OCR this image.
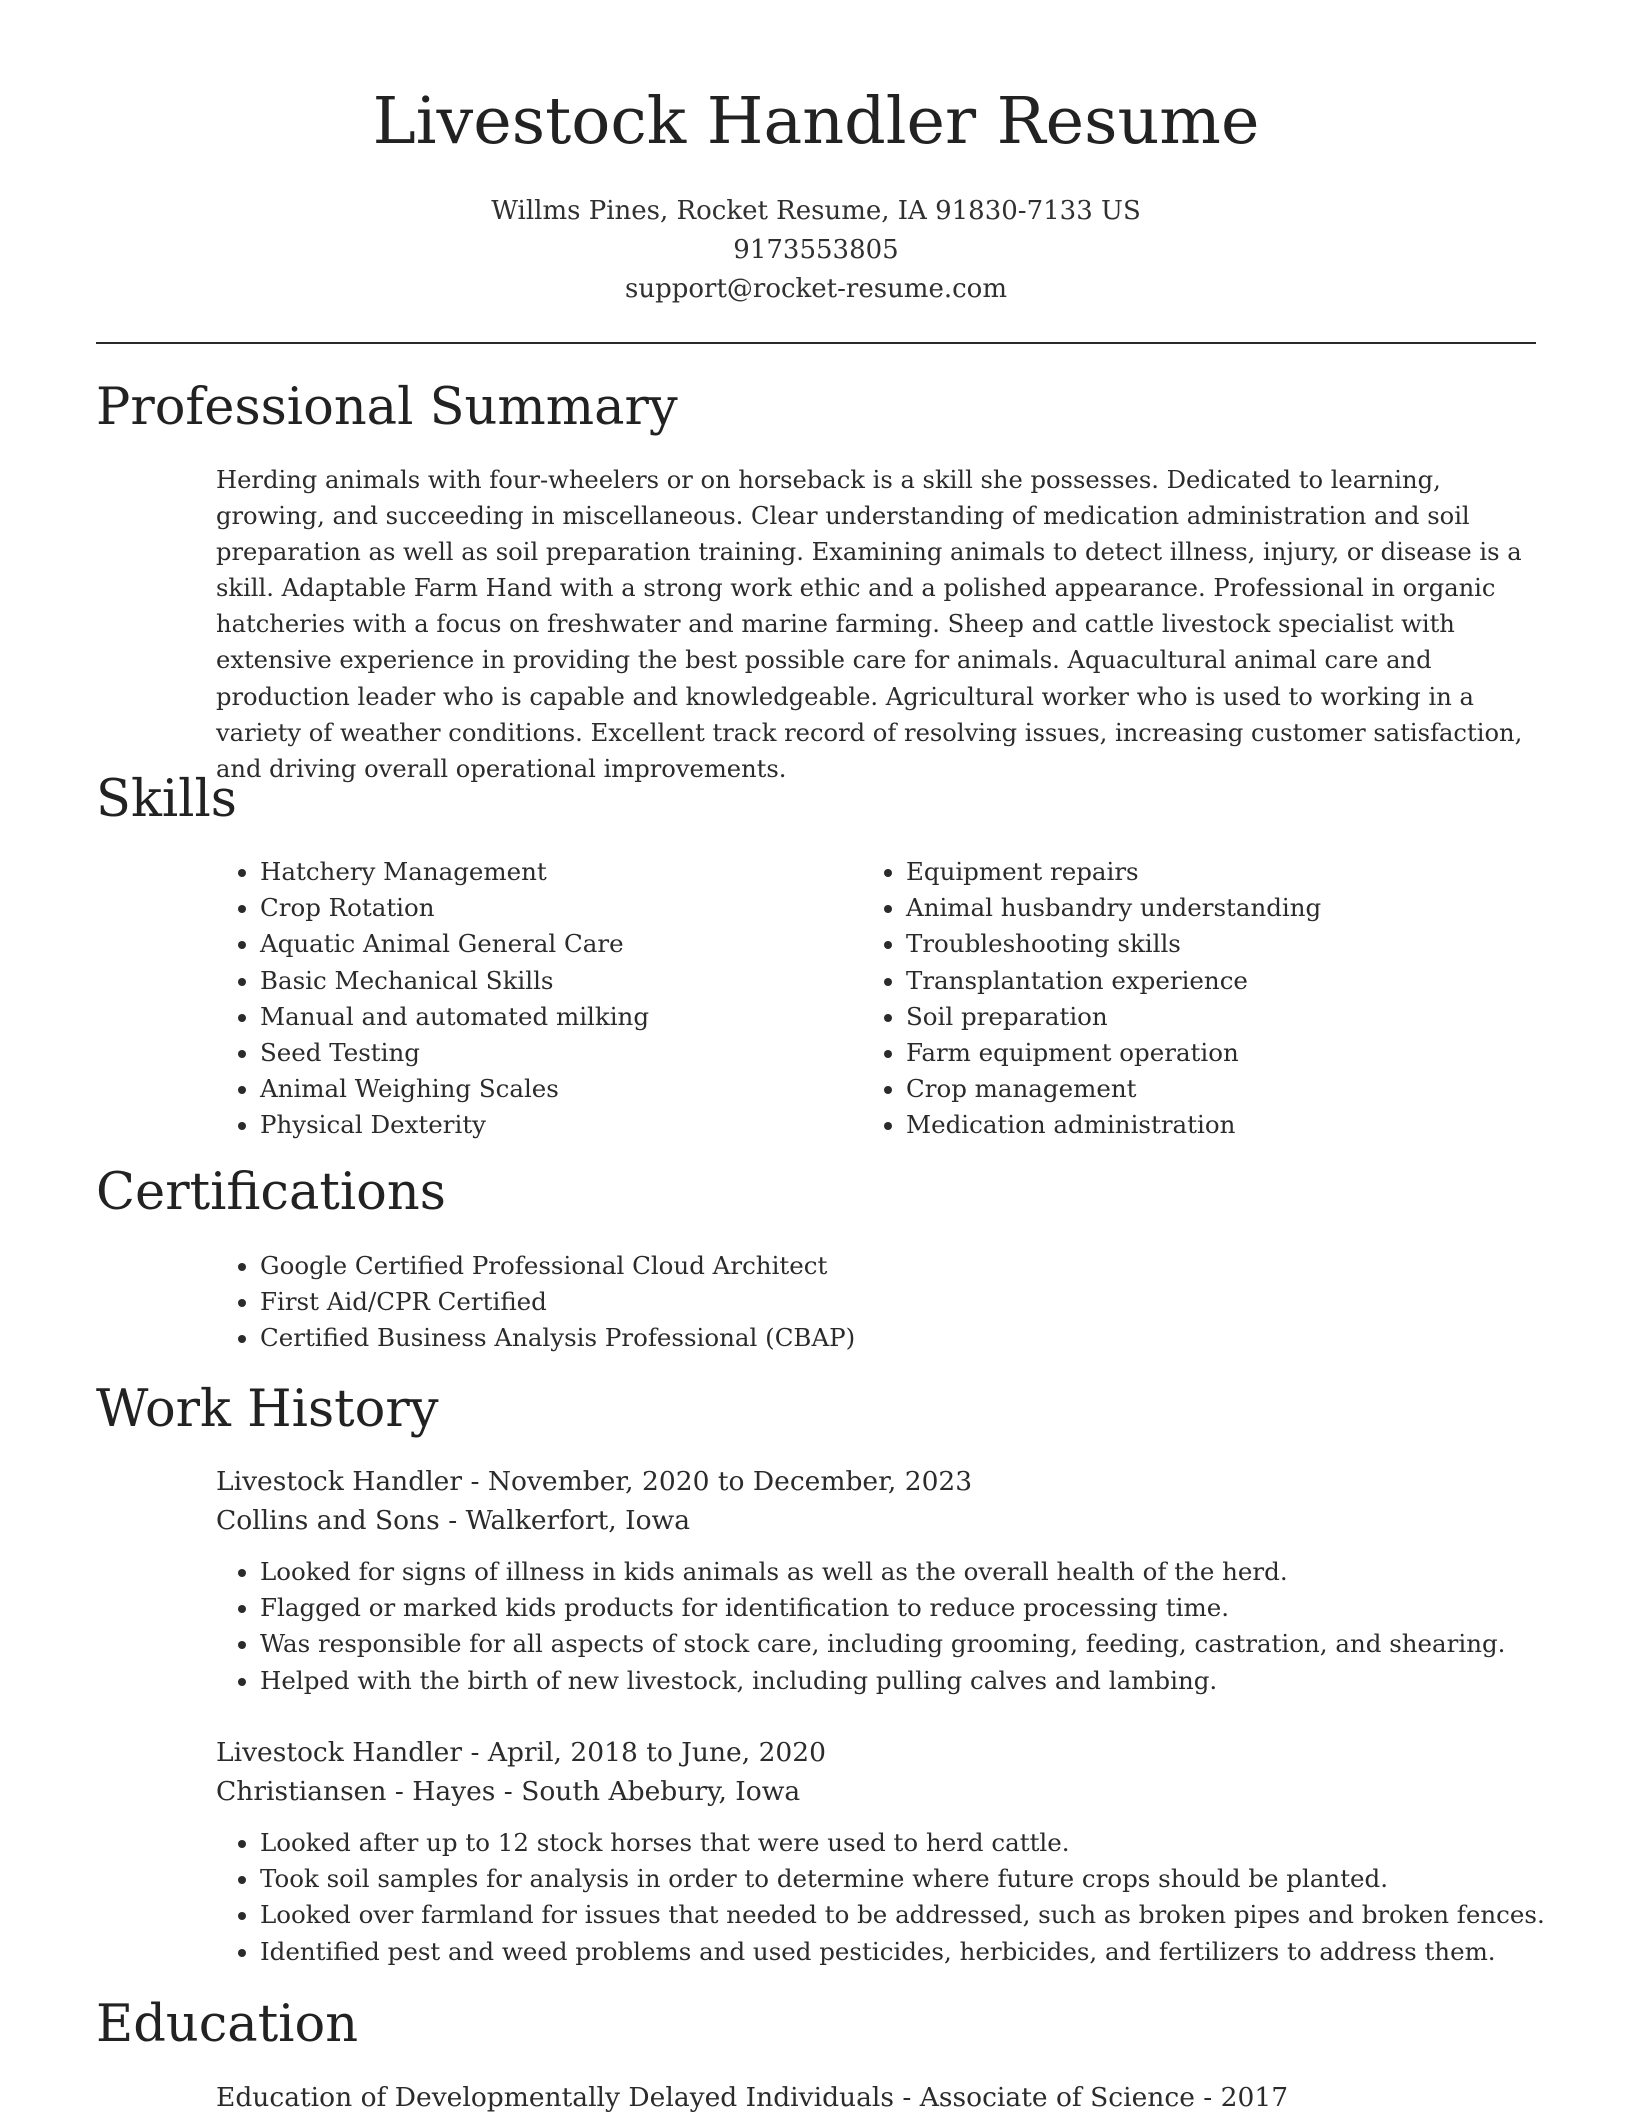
Livestock Handler Resume
Willms Pines, Rocket Resume, IA 91830-7133 US
9173553805
support@rocket-resume.com
Professional Summary

Herding animals with four-wheelers or on horseback is a skill she possesses. Dedicated to learning, growing, and succeeding in miscellaneous. Clear understanding of medication administration and soil preparation as well as soil preparation training. Examining animals to detect illness, injury, or disease is a skill. Adaptable Farm Hand with a strong work ethic and a polished appearance. Professional in organic hatcheries with a focus on freshwater and marine farming. Sheep and cattle livestock specialist with extensive experience in providing the best possible care for animals. Aquacultural animal care and production leader who is capable and knowledgeable. Agricultural worker who is used to working in a variety of weather conditions. Excellent track record of resolving issues, increasing customer satisfaction, and driving overall operational improvements.

Skills
• Hatchery Management
• Crop Rotation
• Aquatic Animal General Care
• Basic Mechanical Skills
• Manual and automated milking
• Seed Testing
• Animal Weighing Scales
• Physical Dexterity
• Equipment repairs
• Animal husbandry understanding
• Troubleshooting skills
• Transplantation experience
• Soil preparation
• Farm equipment operation
• Crop management
• Medication administration
Certifications
• Google Certified Professional Cloud Architect
• First Aid/CPR Certified
• Certified Business Analysis Professional (CBAP)
Work History
Livestock Handler - November, 2020 to December, 2023
Collins and Sons - Walkerfort, Iowa
• Looked for signs of illness in kids animals as well as the overall health of the herd.
• Flagged or marked kids products for identification to reduce processing time.
• Was responsible for all aspects of stock care, including grooming, feeding, castration, and shearing.
• Helped with the birth of new livestock, including pulling calves and lambing.
Livestock Handler - April, 2018 to June, 2020
Christiansen - Hayes - South Abebury, Iowa
• Looked after up to 12 stock horses that were used to herd cattle.
• Took soil samples for analysis in order to determine where future crops should be planted.
• Looked over farmland for issues that needed to be addressed, such as broken pipes and broken fences.
• Identified pest and weed problems and used pesticides, herbicides, and fertilizers to address them.
Education
Education of Developmentally Delayed Individuals - Associate of Science - 2017
